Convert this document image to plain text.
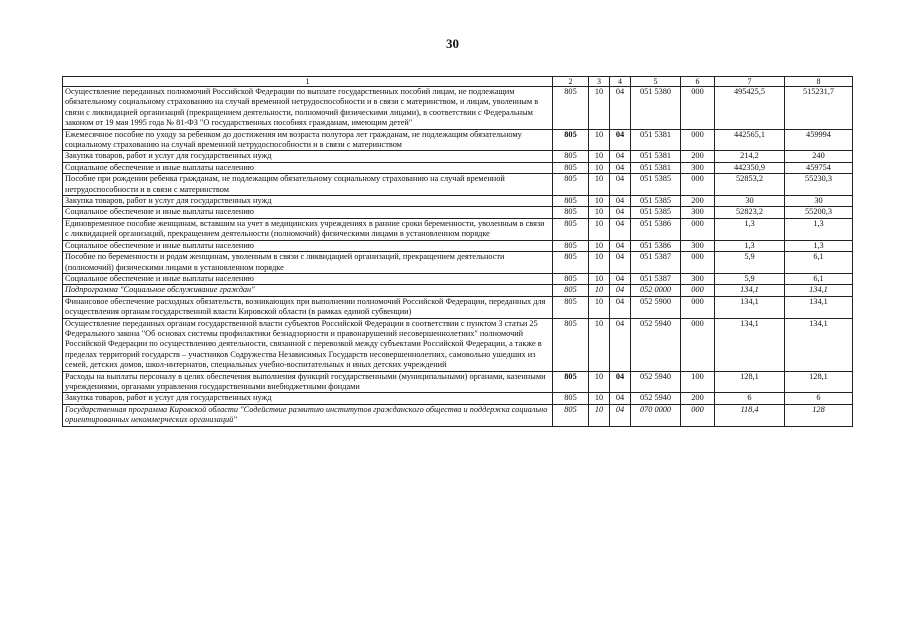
30
1	2	3	4	5	6	7	8
Осуществление переданных полномочий Российской Федерации по выплате государственных пособий лицам, не подлежащим обязательному социальному страхованию на случай временной нетрудоспособности и в связи с материнством, и лицам, уволенным в связи с ликвидацией организаций (прекращением деятельности, полномочий физическими лицами), в соответствии с Федеральным законом от 19 мая 1995 года № 81-ФЗ "О государственных пособиях гражданам, имеющим детей"	805	10	04	051 5380	000	495425,5	515231,7
Ежемесячное пособие по уходу за ребенком до достижения им возраста полутора лет гражданам, не подлежащим обязательному социальному страхованию на случай временной нетрудоспособности и в связи с материнством	805	10	04	051 5381	000	442565,1	459994
Закупка товаров, работ и услуг для государственных нужд	805	10	04	051 5381	200	214,2	240
Социальное обеспечение и иные выплаты населению	805	10	04	051 5381	300	442350,9	459754
Пособие при рождении ребенка гражданам, не подлежащим обязательному социальному страхованию на случай временной нетрудоспособности и в связи с материнством	805	10	04	051 5385	000	52853,2	55230,3
Закупка товаров, работ и услуг для государственных нужд	805	10	04	051 5385	200	30	30
Социальное обеспечение и иные выплаты населению	805	10	04	051 5385	300	52823,2	55200,3
Единовременное пособие женщинам, вставшим на учет в медицинских учреждениях в ранние сроки беременности, уволенным в связи с ликвидацией организаций, прекращением деятельности (полномочий) физическими лицами в установленном порядке	805	10	04	051 5386	000	1,3	1,3
Социальное обеспечение и иные выплаты населению	805	10	04	051 5386	300	1,3	1,3
Пособие по беременности и родам женщинам, уволенным в связи с ликвидацией организаций, прекращением деятельности (полномочий) физическими лицами в установленном порядке	805	10	04	051 5387	000	5,9	6,1
Социальное обеспечение и иные выплаты населению	805	10	04	051 5387	300	5,9	6,1
Подпрограмма "Социальное обслуживание граждан"	805	10	04	052 0000	000	134,1	134,1
Финансовое обеспечение расходных обязательств, возникающих при выполнении полномочий Российской Федерации, переданных для осуществления органам государственной власти Кировской области (в рамках единой субвенции)	805	10	04	052 5900	000	134,1	134,1
Осуществление переданных органам государственной власти субъектов Российской Федерации в соответствии с пунктом 3 статьи 25 Федерального закона "Об основах системы профилактики безнадзорности и правонарушений несовершеннолетних" полномочий Российской Федерации по осуществлению деятельности, связанной с перевозкой между субъектами Российской Федерации, а также в пределах территорий государств – участников Содружества Независимых Государств несовершеннолетних, самовольно ушедших из семей, детских домов, школ-интернатов, специальных учебно-воспитательных и иных детских учреждений	805	10	04	052 5940	000	134,1	134,1
Расходы на выплаты персоналу в целях обеспечения выполнения функций государственными (муниципальными) органами, казенными учреждениями, органами управления государственными внебюджетными фондами	805	10	04	052 5940	100	128,1	128,1
Закупка товаров, работ и услуг для государственных нужд	805	10	04	052 5940	200	6	6
Государственная программа Кировской области "Содействие развитию институтов гражданского общества и поддержка социально ориентированных некоммерческих организаций"	805	10	04	070 0000	000	118,4	128
